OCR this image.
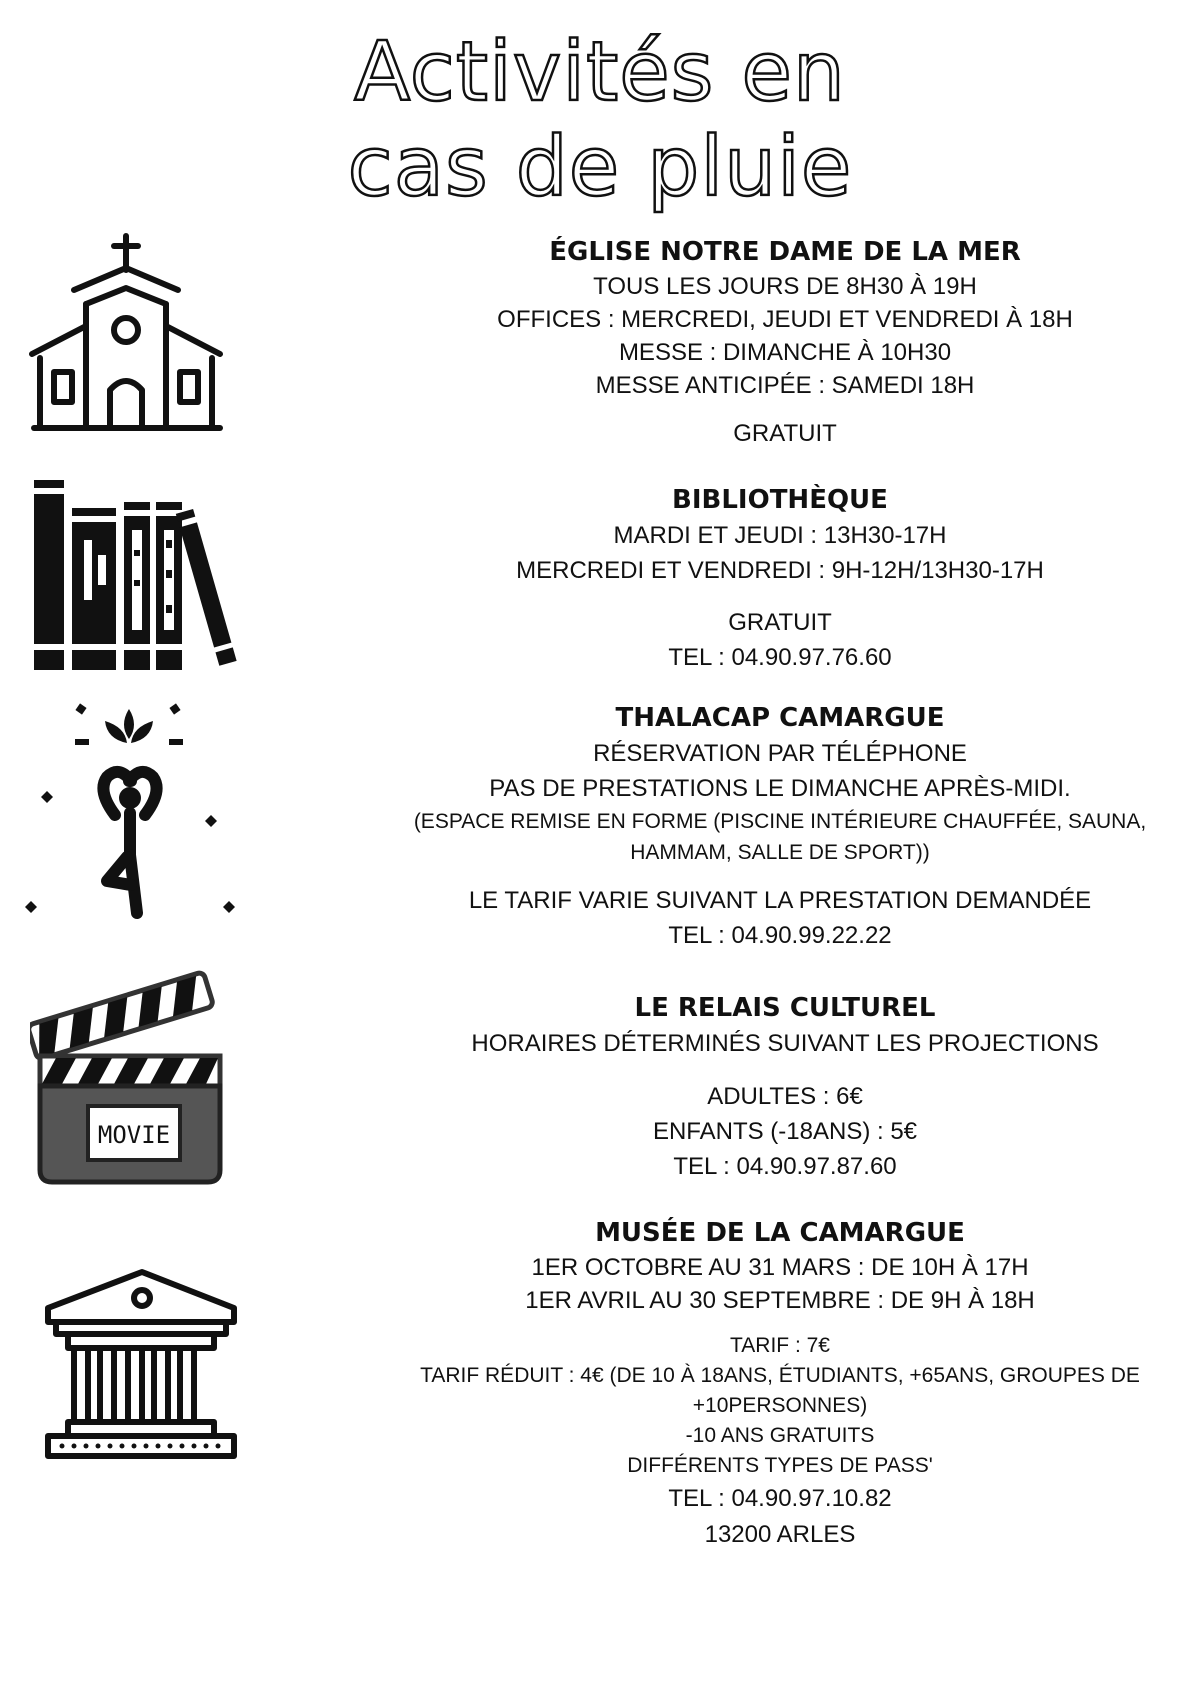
Activités en
cas de pluie
MOVIE
ÉGLISE NOTRE DAME DE LA MER
TOUS LES JOURS DE 8H30 À 19H
OFFICES : MERCREDI, JEUDI ET VENDREDI À 18H
MESSE : DIMANCHE À 10H30
MESSE ANTICIPÉE : SAMEDI 18H
GRATUIT
BIBLIOTHÈQUE
MARDI ET JEUDI : 13H30-17H
MERCREDI ET VENDREDI : 9H-12H/13H30-17H
GRATUIT
TEL : 04.90.97.76.60
THALACAP CAMARGUE
RÉSERVATION PAR TÉLÉPHONE
PAS DE PRESTATIONS LE DIMANCHE APRÈS-MIDI.
(ESPACE REMISE EN FORME (PISCINE INTÉRIEURE CHAUFFÉE, SAUNA,
HAMMAM, SALLE DE SPORT))
LE TARIF VARIE SUIVANT LA PRESTATION DEMANDÉE
TEL : 04.90.99.22.22
LE RELAIS CULTUREL
HORAIRES DÉTERMINÉS SUIVANT LES PROJECTIONS
ADULTES : 6€
ENFANTS (-18ANS) : 5€
TEL : 04.90.97.87.60
MUSÉE DE LA CAMARGUE
1ER OCTOBRE AU 31 MARS : DE 10H À 17H
1ER AVRIL AU 30 SEPTEMBRE : DE 9H À 18H
TARIF : 7€
TARIF RÉDUIT : 4€ (DE 10 À 18ANS, ÉTUDIANTS, +65ANS, GROUPES DE
+10PERSONNES)
-10 ANS GRATUITS
DIFFÉRENTS TYPES DE PASS'
TEL : 04.90.97.10.82
13200 ARLES
